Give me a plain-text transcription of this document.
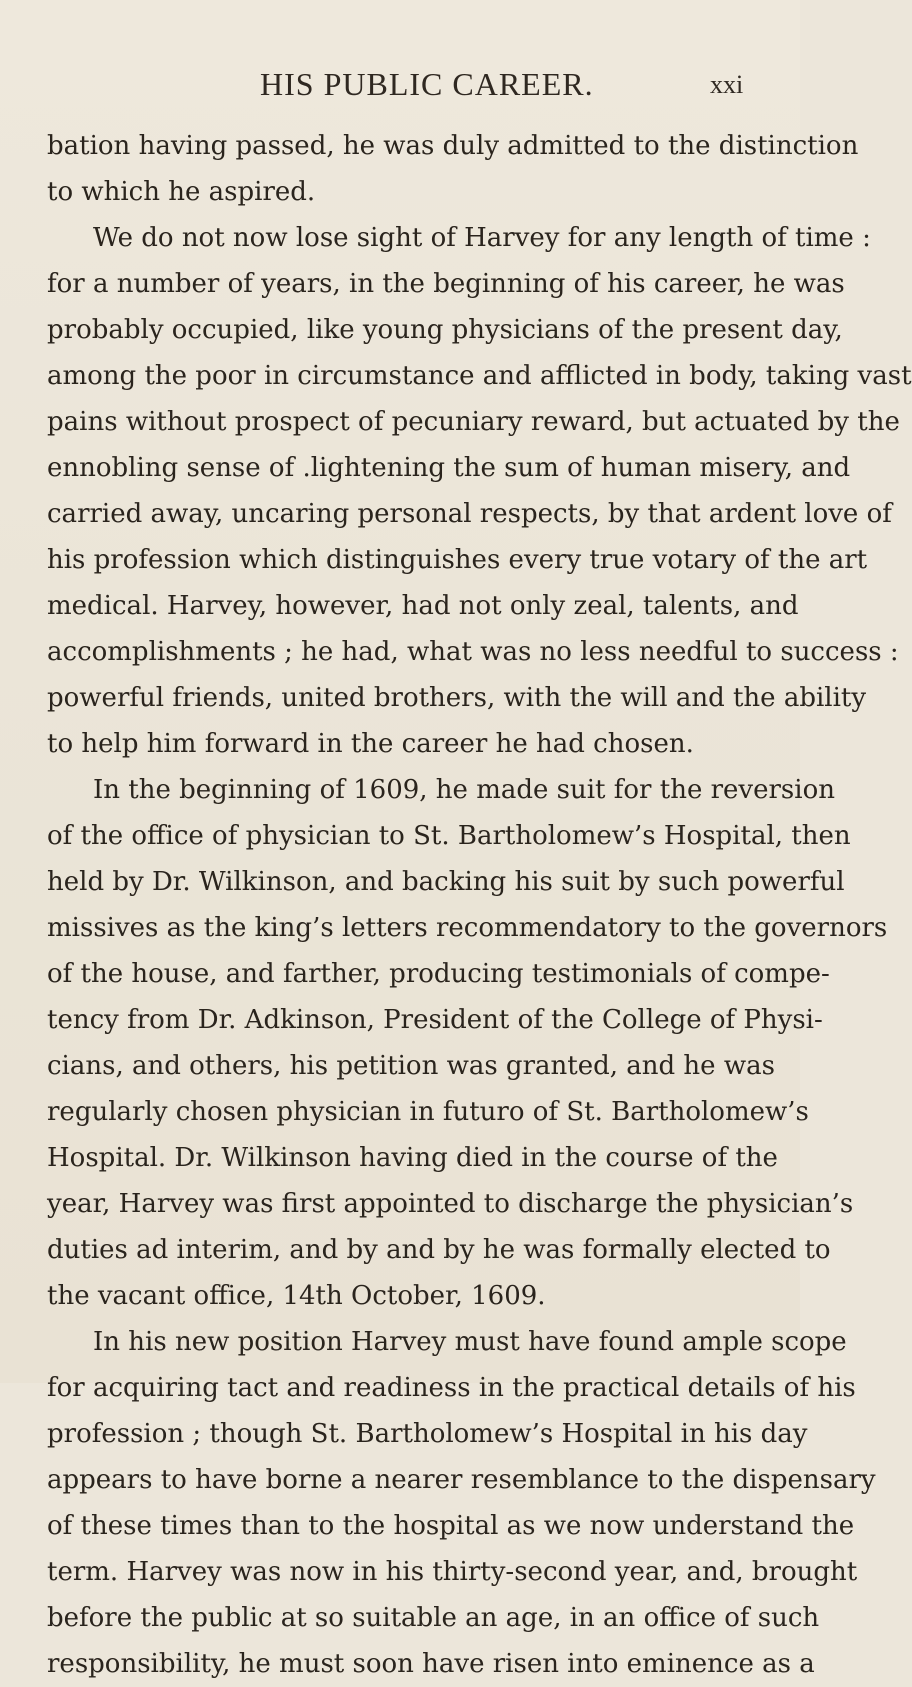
HIS PUBLIC CAREER.	xxi
bation having passed, he was duly admitted to the distinction
to which he aspired.
We do not now lose sight of Harvey for any length of time :
for a number of years, in the beginning of his career, he was
probably occupied, like young physicians of the present day,
among the poor in circumstance and afflicted in body, taking vast
pains without prospect of pecuniary reward, but actuated by the
ennobling sense of .lightening the sum of human misery, and
carried away, uncaring personal respects, by that ardent love of
his profession which distinguishes every true votary of the art
medical. Harvey, however, had not only zeal, talents, and
accomplishments ; he had, what was no less needful to success :
powerful friends, united brothers, with the will and the ability
to help him forward in the career he had chosen.
In the beginning of 1609, he made suit for the reversion
of the office of physician to St. Bartholomew’s Hospital, then
held by Dr. Wilkinson, and backing his suit by such powerful
missives as the king’s letters recommendatory to the governors
of the house, and farther, producing testimonials of compe-
tency from Dr. Adkinson, President of the College of Physi-
cians, and others, his petition was granted, and he was
regularly chosen physician in futuro of St. Bartholomew’s
Hospital. Dr. Wilkinson having died in the course of the
year, Harvey was first appointed to discharge the physician’s
duties ad interim, and by and by he was formally elected to
the vacant office, 14th October, 1609.
In his new position Harvey must have found ample scope
for acquiring tact and readiness in the practical details of his
profession ; though St. Bartholomew’s Hospital in his day
appears to have borne a nearer resemblance to the dispensary
of these times than to the hospital as we now understand the
term. Harvey was now in his thirty-second year, and, brought
before the public at so suitable an age, in an office of such
responsibility, he must soon have risen into eminence as a
